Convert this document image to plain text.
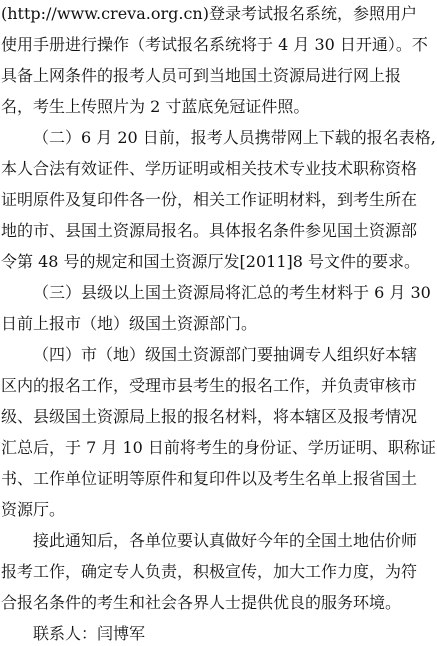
(http://www.creva.org.cn)登录考试报名系统，参照用户
使用手册进行操作（考试报名系统将于 4 月 30 日开通）。不
具备上网条件的报考人员可到当地国土资源局进行网上报
名，考生上传照片为 2 寸蓝底免冠证件照。
（二）6 月 20 日前，报考人员携带网上下载的报名表格,
本人合法有效证件、学历证明或相关技术专业技术职称资格
证明原件及复印件各一份，相关工作证明材料，到考生所在
地的市、县国土资源局报名。具体报名条件参见国土资源部
令第 48 号的规定和国土资源厅发[2011]8 号文件的要求。
（三）县级以上国土资源局将汇总的考生材料于 6 月 30
日前上报市（地）级国土资源部门。
（四）市（地）级国土资源部门要抽调专人组织好本辖
区内的报名工作，受理市县考生的报名工作，并负责审核市
级、县级国土资源局上报的报名材料，将本辖区及报考情况
汇总后，于 7 月 10 日前将考生的身份证、学历证明、职称证
书、工作单位证明等原件和复印件以及考生名单上报省国土
资源厅。
接此通知后，各单位要认真做好今年的全国土地估价师
报考工作，确定专人负责，积极宣传，加大工作力度，为符
合报名条件的考生和社会各界人士提供优良的服务环境。
联系人：闫博军
